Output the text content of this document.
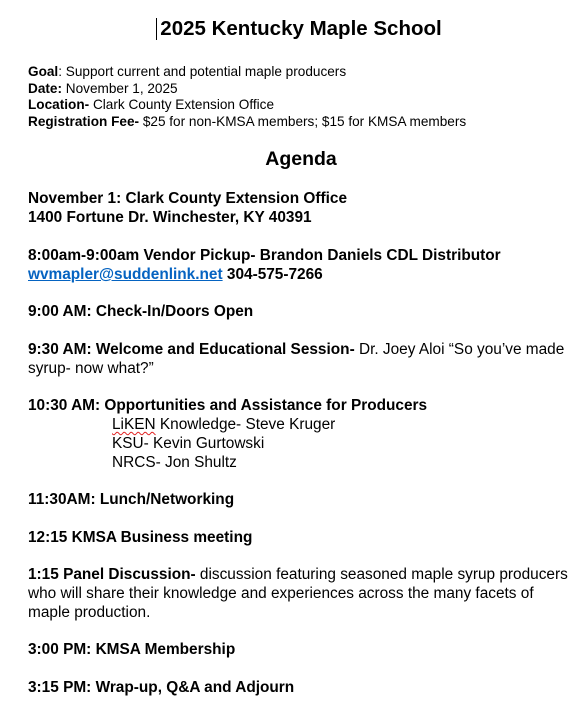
2025 Kentucky Maple School
Goal: Support current and potential maple producers
Date: November 1, 2025
Location- Clark County Extension Office
Registration Fee- $25 for non-KMSA members; $15 for KMSA members
Agenda
November 1: Clark County Extension Office
1400 Fortune Dr. Winchester, KY 40391
8:00am-9:00am Vendor Pickup- Brandon Daniels CDL Distributor
wvmapler@suddenlink.net 304-575-7266
9:00 AM: Check-In/Doors Open
9:30 AM: Welcome and Educational Session- Dr. Joey Aloi “So you’ve made syrup- now what?”
10:30 AM: Opportunities and Assistance for Producers
LiKEN Knowledge- Steve Kruger
KSU- Kevin Gurtowski
NRCS- Jon Shultz
11:30AM: Lunch/Networking
12:15 KMSA Business meeting
1:15 Panel Discussion- discussion featuring seasoned maple syrup producers who will share their knowledge and experiences across the many facets of maple production.
3:00 PM: KMSA Membership
3:15 PM: Wrap-up, Q&A and Adjourn
